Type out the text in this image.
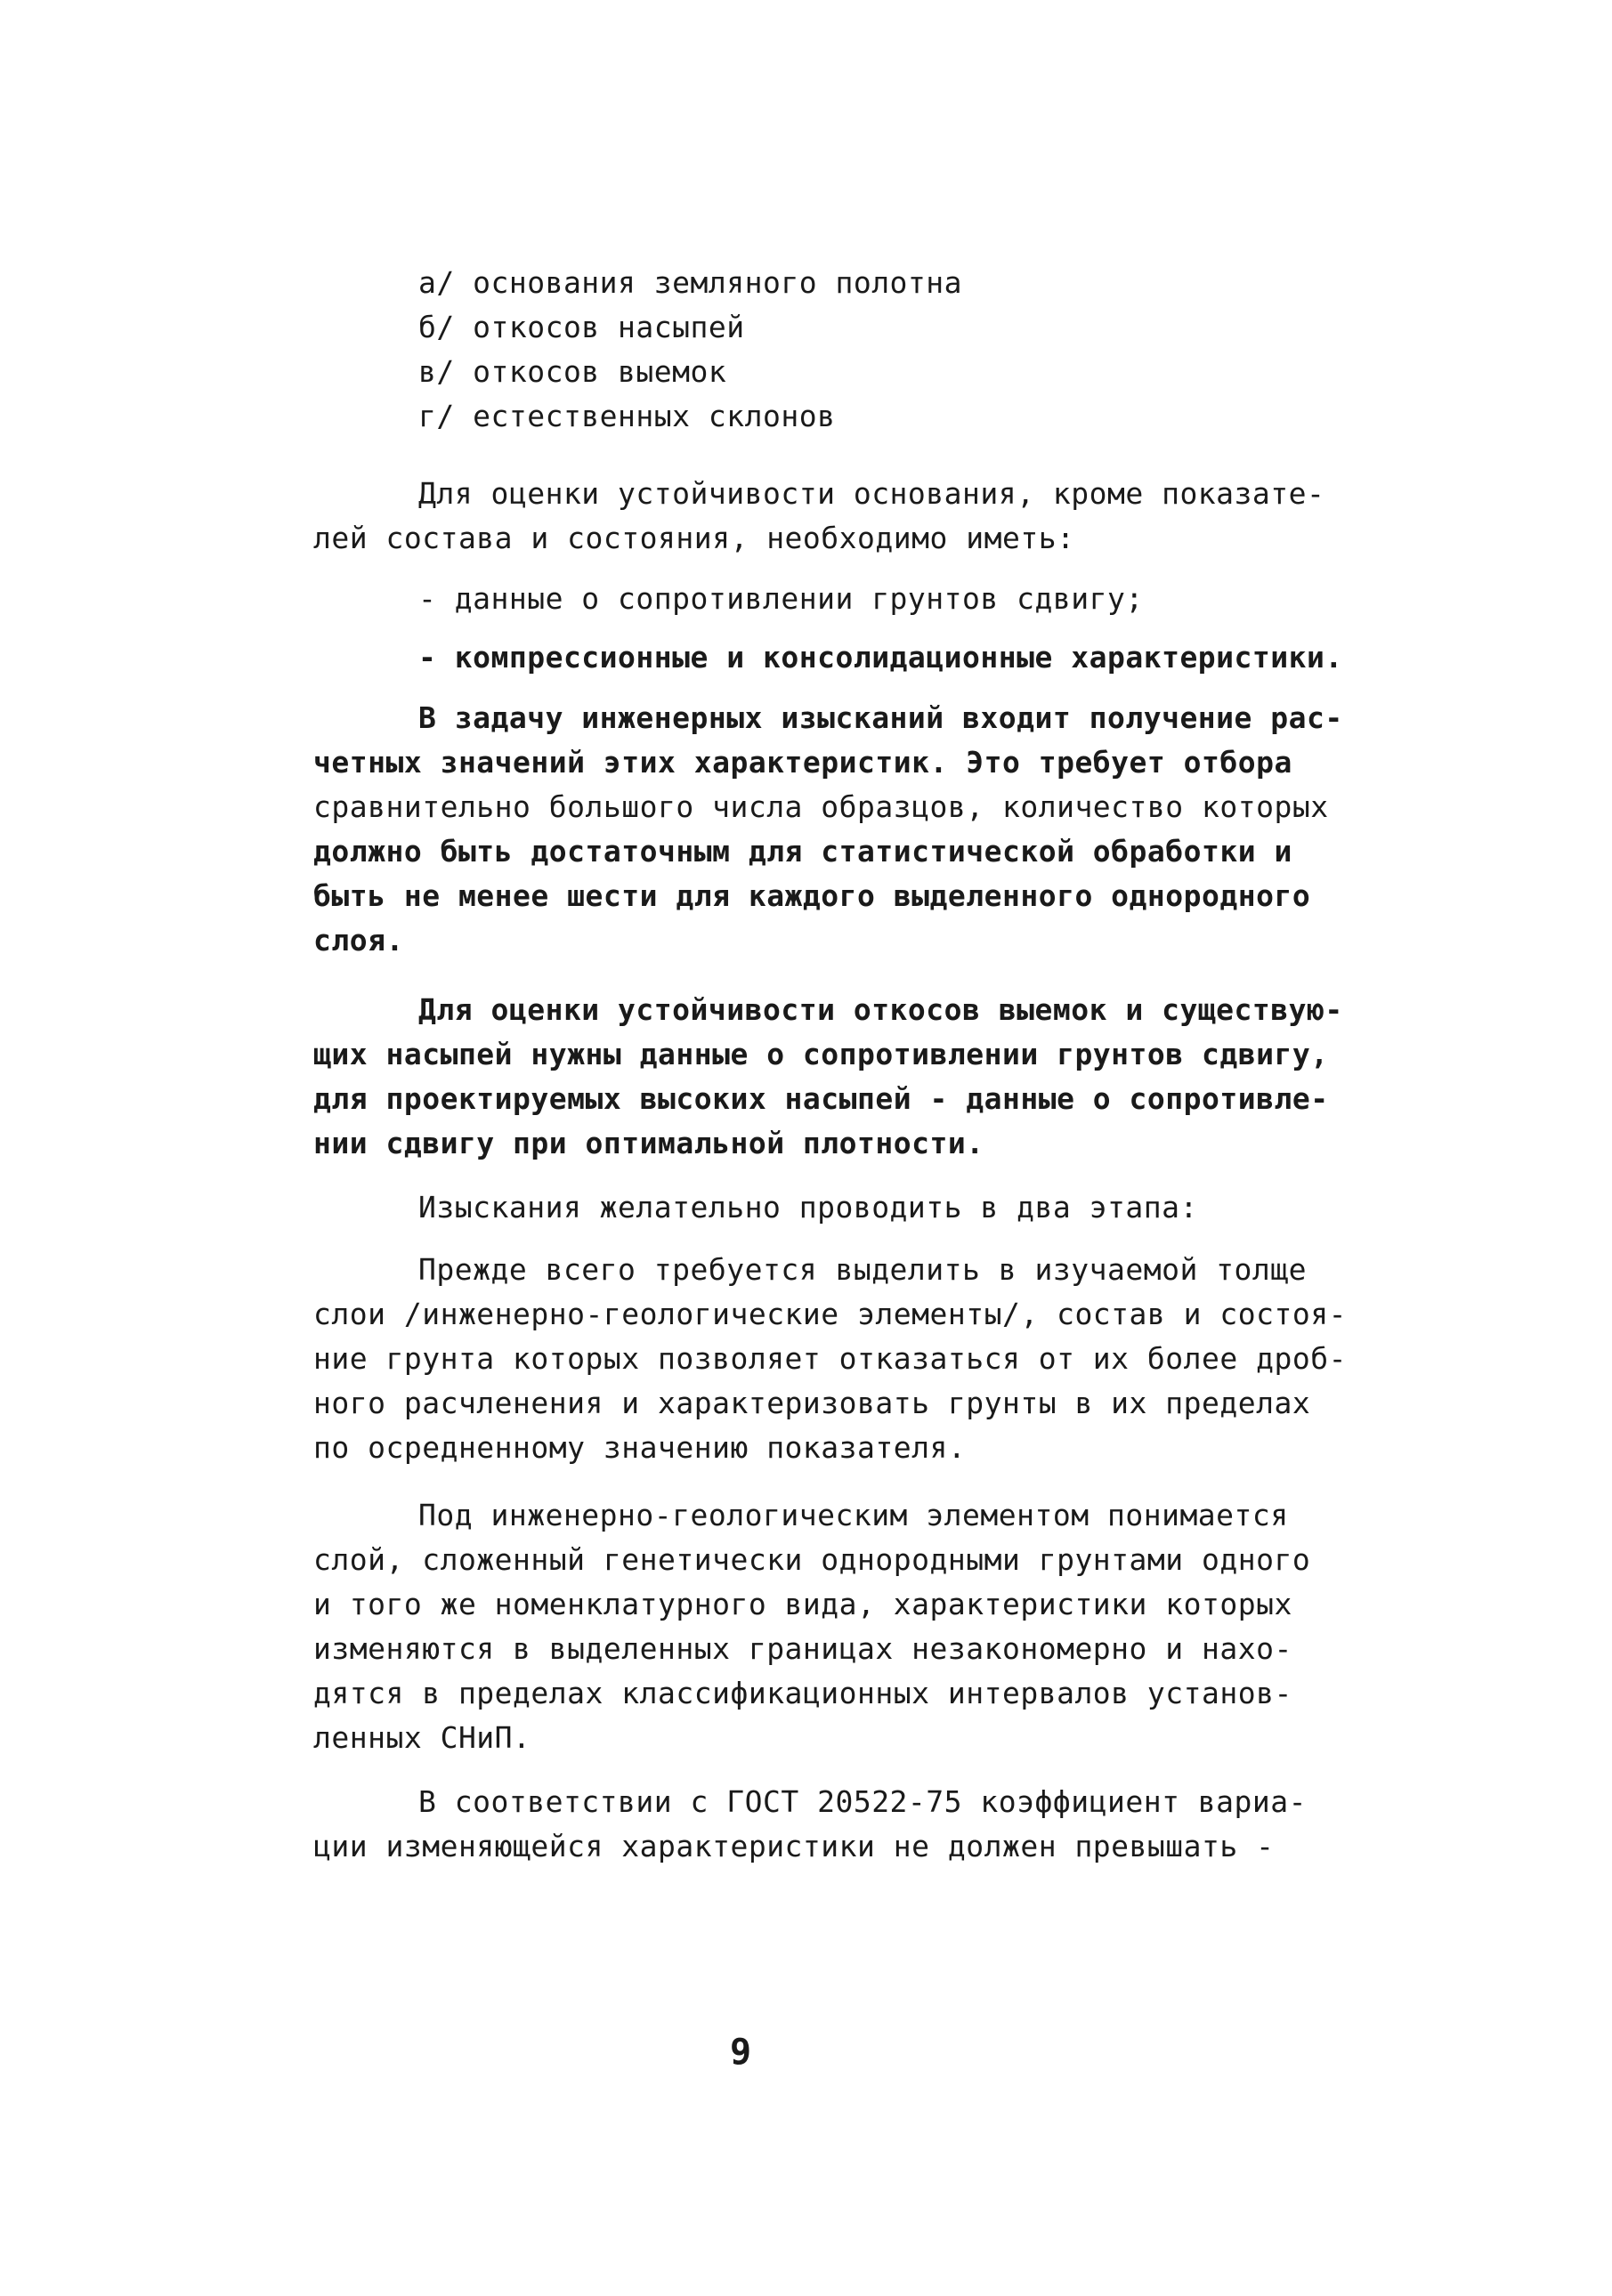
а/ основания земляного полотна
б/ откосов насыпей
в/ откосов выемок
г/ естественных склонов
Для оценки устойчивости основания, кроме показате-
лей состава и состояния, необходимо иметь:
- данные о сопротивлении грунтов сдвигу;
- компрессионные и консолидационные характеристики.
В задачу инженерных изысканий входит получение рас-
четных значений этих характеристик. Это требует отбора
сравнительно большого числа образцов, количество которых
должно быть достаточным для статистической обработки и
быть не менее шести для каждого выделенного однородного
слоя.
Для оценки устойчивости откосов выемок и существую-
щих насыпей нужны данные о сопротивлении грунтов сдвигу,
для проектируемых высоких насыпей - данные о сопротивле-
нии сдвигу при оптимальной плотности.
Изыскания желательно проводить в два этапа:
Прежде всего требуется выделить в изучаемой толще
слои /инженерно-геологические элементы/, состав и состоя-
ние грунта которых позволяет отказаться от их более дроб-
ного расчленения и характеризовать грунты в их пределах
по осредненному значению показателя.
Под инженерно-геологическим элементом понимается
слой, сложенный генетически однородными грунтами одного
и того же номенклатурного вида, характеристики которых
изменяются в выделенных границах незакономерно и нахо-
дятся в пределах классификационных интервалов установ-
ленных СНиП.
В соответствии с ГОСТ 20522-75 коэффициент вариа-
ции изменяющейся характеристики не должен превышать -
9
